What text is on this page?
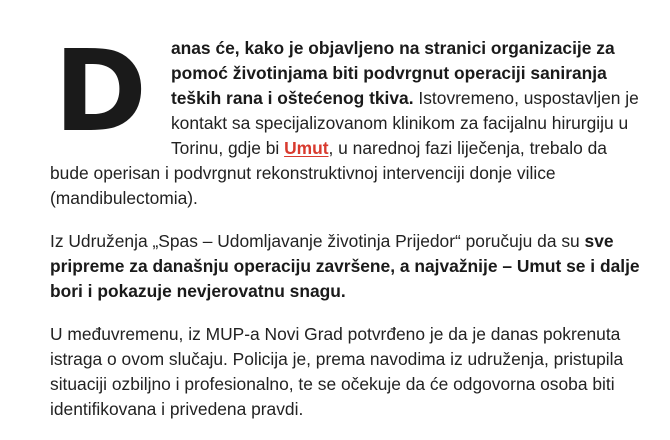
D anas će, kako je objavljeno na stranici organizacije za pomoć životinjama biti podvrgnut operaciji saniranja teških rana i oštećenog tkiva. Istovremeno, uspostavljen je kontakt sa specijalizovanom klinikom za facijalnu hirurgiju u Torinu, gdje bi Umut, u narednoj fazi liječenja, trebalo da bude operisan i podvrgnut rekonstruktivnoj intervenciji donje vilice (mandibulectomia).

Iz Udruženja „Spas – Udomljavanje životinja Prijedor“ poručuju da su sve pripreme za današnju operaciju završene, a najvažnije – Umut se i dalje bori i pokazuje nevjerovatnu snagu.

U međuvremenu, iz MUP-a Novi Grad potvrđeno je da je danas pokrenuta istraga o ovom slučaju. Policija je, prema navodima iz udruženja, pristupila situaciji ozbiljno i profesionalno, te se očekuje da će odgovorna osoba biti identifikovana i privedena pravdi.
